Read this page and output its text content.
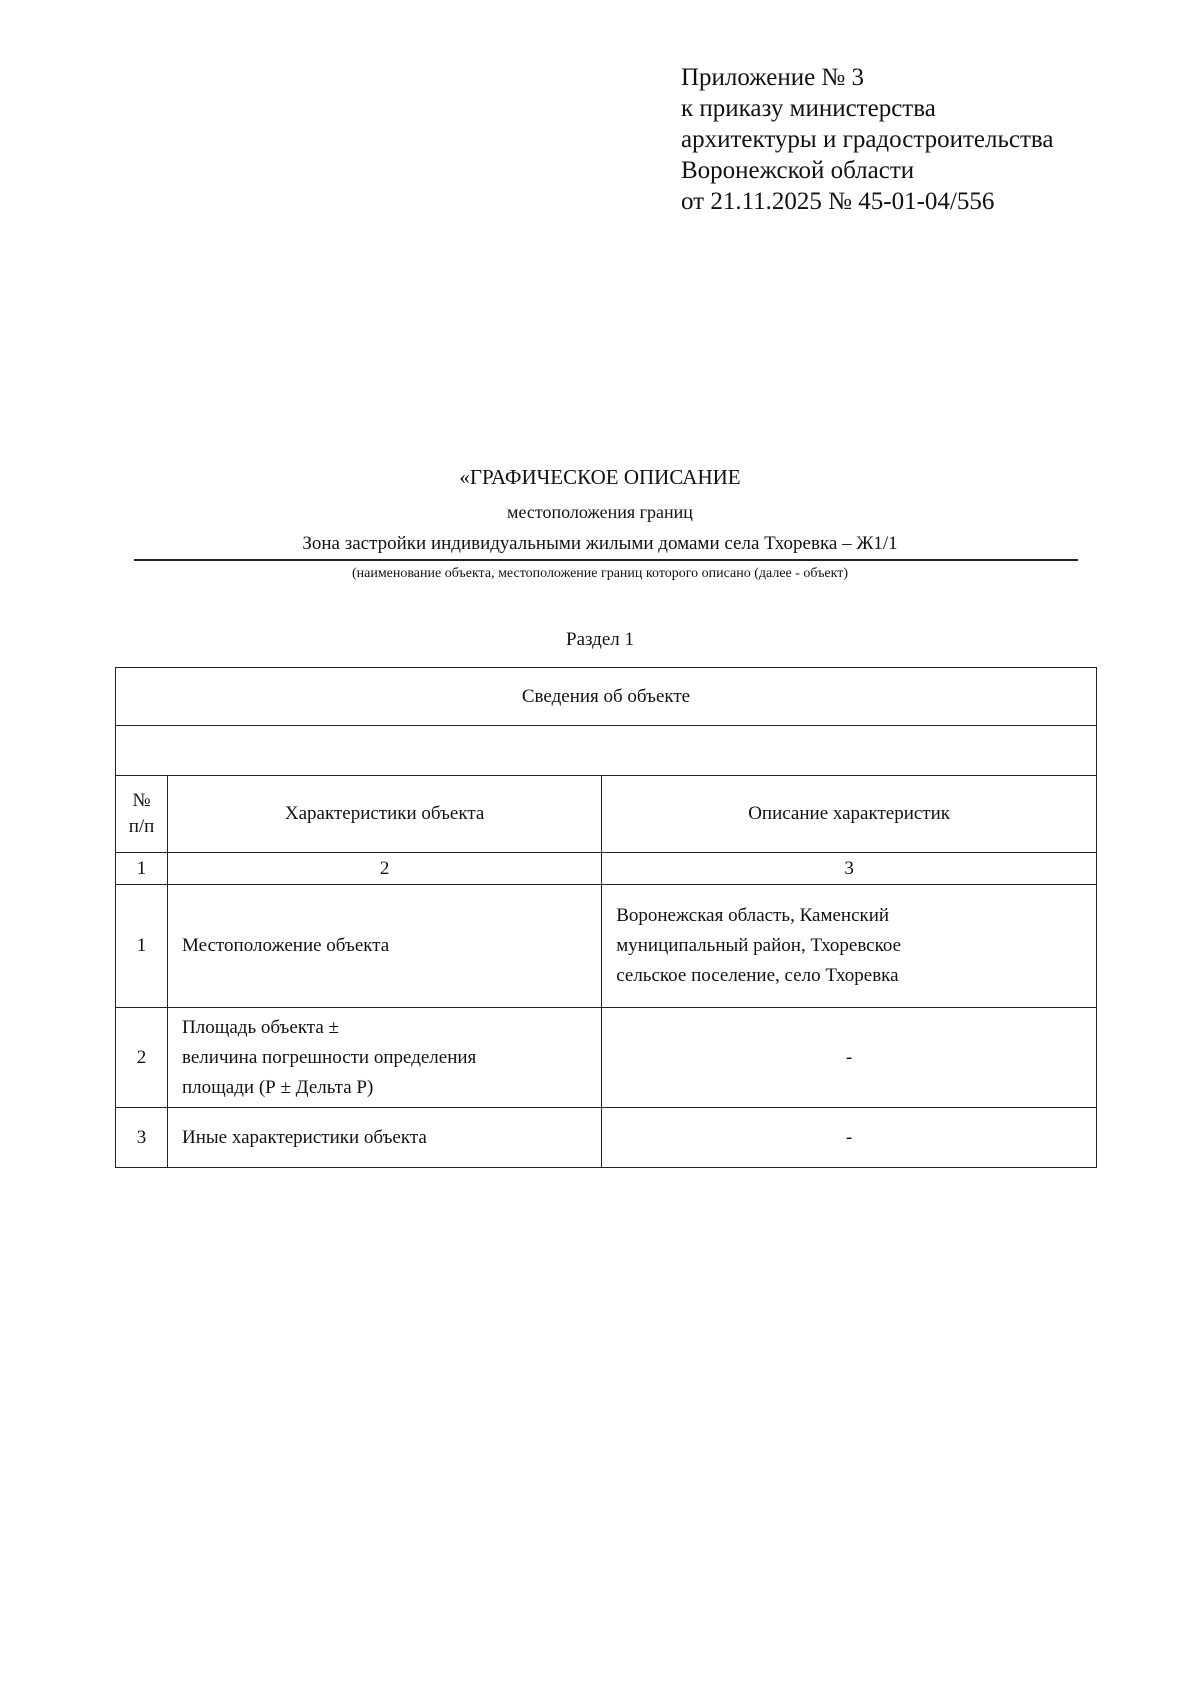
Приложение № 3
к приказу министерства
архитектуры и градостроительства
Воронежской области
от 21.11.2025 № 45-01-04/556
«ГРАФИЧЕСКОЕ ОПИСАНИЕ
местоположения границ
Зона застройки индивидуальными жилыми домами села Тхоревка – Ж1/1
(наименование объекта, местоположение границ которого описано (далее - объект)
Раздел 1
Сведения об объекте		

№
п/п	Характеристики объекта	Описание характеристик
1	2	3
1	Местоположение объекта	Воронежская область, Каменский
муниципальный район, Тхоревское
сельское поселение, село Тхоревка
2	Площадь объекта ±
величина погрешности определения
площади (Р ± Дельта Р)	-
3	Иные характеристики объекта	-
